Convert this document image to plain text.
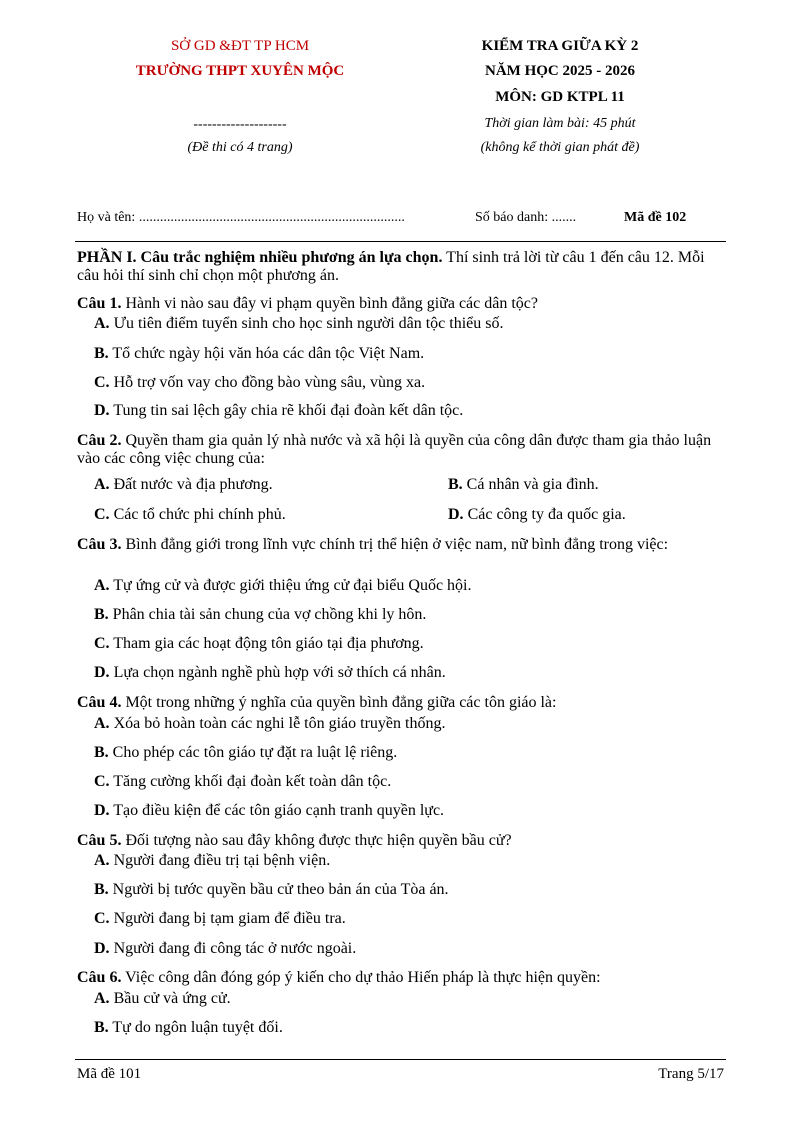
SỞ GD &ĐT TP HCM
TRƯỜNG THPT XUYÊN MỘC
--------------------
(Đề thi có 4 trang)
KIỂM TRA GIỮA KỲ 2
NĂM HỌC 2025 - 2026
MÔN: GD KTPL 11
Thời gian làm bài: 45 phút
(không kể thời gian phát đề)
Họ và tên: ............................................................................	Số báo danh: .......	Mã đề 102
PHẦN I. Câu trắc nghiệm nhiều phương án lựa chọn. Thí sinh trả lời từ câu 1 đến câu 12. Mỗi câu hỏi thí sinh chỉ chọn một phương án.
Câu 1. Hành vi nào sau đây vi phạm quyền bình đẳng giữa các dân tộc?
A. Ưu tiên điểm tuyển sinh cho học sinh người dân tộc thiểu số.
B. Tổ chức ngày hội văn hóa các dân tộc Việt Nam.
C. Hỗ trợ vốn vay cho đồng bào vùng sâu, vùng xa.
D. Tung tin sai lệch gây chia rẽ khối đại đoàn kết dân tộc.
Câu 2. Quyền tham gia quản lý nhà nước và xã hội là quyền của công dân được tham gia thảo luận vào các công việc chung của:
A. Đất nước và địa phương.	B. Cá nhân và gia đình.
C. Các tổ chức phi chính phủ.	D. Các công ty đa quốc gia.
Câu 3. Bình đẳng giới trong lĩnh vực chính trị thể hiện ở việc nam, nữ bình đẳng trong việc:
A. Tự ứng cử và được giới thiệu ứng cử đại biểu Quốc hội.
B. Phân chia tài sản chung của vợ chồng khi ly hôn.
C. Tham gia các hoạt động tôn giáo tại địa phương.
D. Lựa chọn ngành nghề phù hợp với sở thích cá nhân.
Câu 4. Một trong những ý nghĩa của quyền bình đẳng giữa các tôn giáo là:
A. Xóa bỏ hoàn toàn các nghi lễ tôn giáo truyền thống.
B. Cho phép các tôn giáo tự đặt ra luật lệ riêng.
C. Tăng cường khối đại đoàn kết toàn dân tộc.
D. Tạo điều kiện để các tôn giáo cạnh tranh quyền lực.
Câu 5. Đối tượng nào sau đây không được thực hiện quyền bầu cử?
A. Người đang điều trị tại bệnh viện.
B. Người bị tước quyền bầu cử theo bản án của Tòa án.
C. Người đang bị tạm giam để điều tra.
D. Người đang đi công tác ở nước ngoài.
Câu 6. Việc công dân đóng góp ý kiến cho dự thảo Hiến pháp là thực hiện quyền:
A. Bầu cử và ứng cử.
B. Tự do ngôn luận tuyệt đối.
Mã đề 101	Trang 5/17
